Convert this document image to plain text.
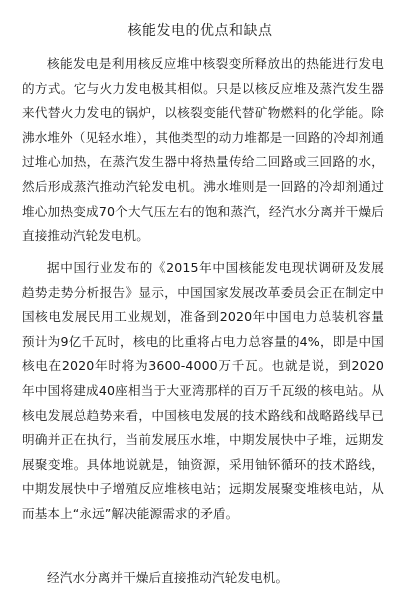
核能发电的优点和缺点

核能发电是利用核反应堆中核裂变所释放出的热能进行发电的方式。它与火力发电极其相似。只是以核反应堆及蒸汽发生器来代替火力发电的锅炉，以核裂变能代替矿物燃料的化学能。除沸水堆外（见轻水堆），其他类型的动力堆都是一回路的冷却剂通过堆心加热，在蒸汽发生器中将热量传给二回路或三回路的水，然后形成蒸汽推动汽轮发电机。沸水堆则是一回路的冷却剂通过堆心加热变成70个大气压左右的饱和蒸汽，经汽水分离并干燥后直接推动汽轮发电机。

据中国行业发布的《2015年中国核能发电现状调研及发展趋势走势分析报告》显示，中国国家发展改革委员会正在制定中国核电发展民用工业规划，准备到2020年中国电力总装机容量预计为9亿千瓦时，核电的比重将占电力总容量的4%，即是中国核电在2020年时将为3600-4000万千瓦。也就是说，到2020年中国将建成40座相当于大亚湾那样的百万千瓦级的核电站。从核电发展总趋势来看，中国核电发展的技术路线和战略路线早已明确并正在执行，当前发展压水堆，中期发展快中子堆，远期发展聚变堆。具体地说就是，铀资源，采用铀钚循环的技术路线，中期发展快中子增殖反应堆核电站；远期发展聚变堆核电站，从而基本上“永远”解决能源需求的矛盾。

经汽水分离并干燥后直接推动汽轮发电机。
